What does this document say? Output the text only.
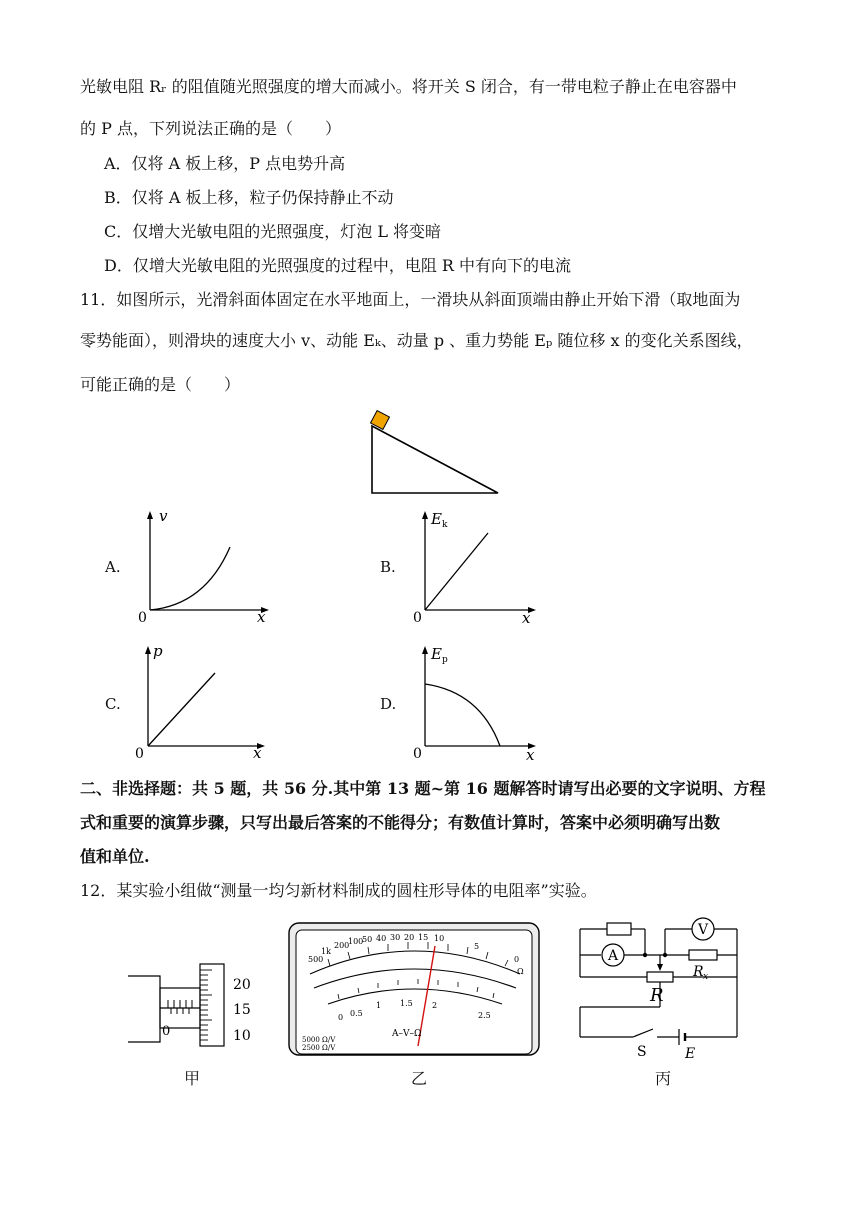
光敏电阻 Rᵣ 的阻值随光照强度的增大而减小。将开关 S 闭合，有一带电粒子静止在电容器中
的 P 点，下列说法正确的是（　　）
A．仅将 A 板上移，P 点电势升高
B．仅将 A 板上移，粒子仍保持静止不动
C．仅增大光敏电阻的光照强度，灯泡 L 将变暗
D．仅增大光敏电阻的光照强度的过程中，电阻 R 中有向下的电流
11．如图所示，光滑斜面体固定在水平地面上，一滑块从斜面顶端由静止开始下滑（取地面为
零势能面），则滑块的速度大小 v、动能 Eₖ、动量 p 、重力势能 Eₚ 随位移 x 的变化关系图线，
可能正确的是（　　）
A.
v
x
0
B.
E k
x
0
C.
p
x
0
D.
E p
x
0
二、非选择题：共 5 题，共 56 分.其中第 13 题~第 16 题解答时请写出必要的文字说明、方程
式和重要的演算步骤，只写出最后答案的不能得分；有数值计算时，答案中必须明确写出数
值和单位.
12．某实验小组做“测量一均匀新材料制成的圆柱形导体的电阻率”实验。
20
15
10
0
甲
500
1k
200
100
50 40 30 20 15 10
5
0
Ω
0 0.5
1 1.5 2
2.5
A–V–Ω
5000 Ω/V
2500 Ω/V
乙
A
V
R x
R
S	E
丙
